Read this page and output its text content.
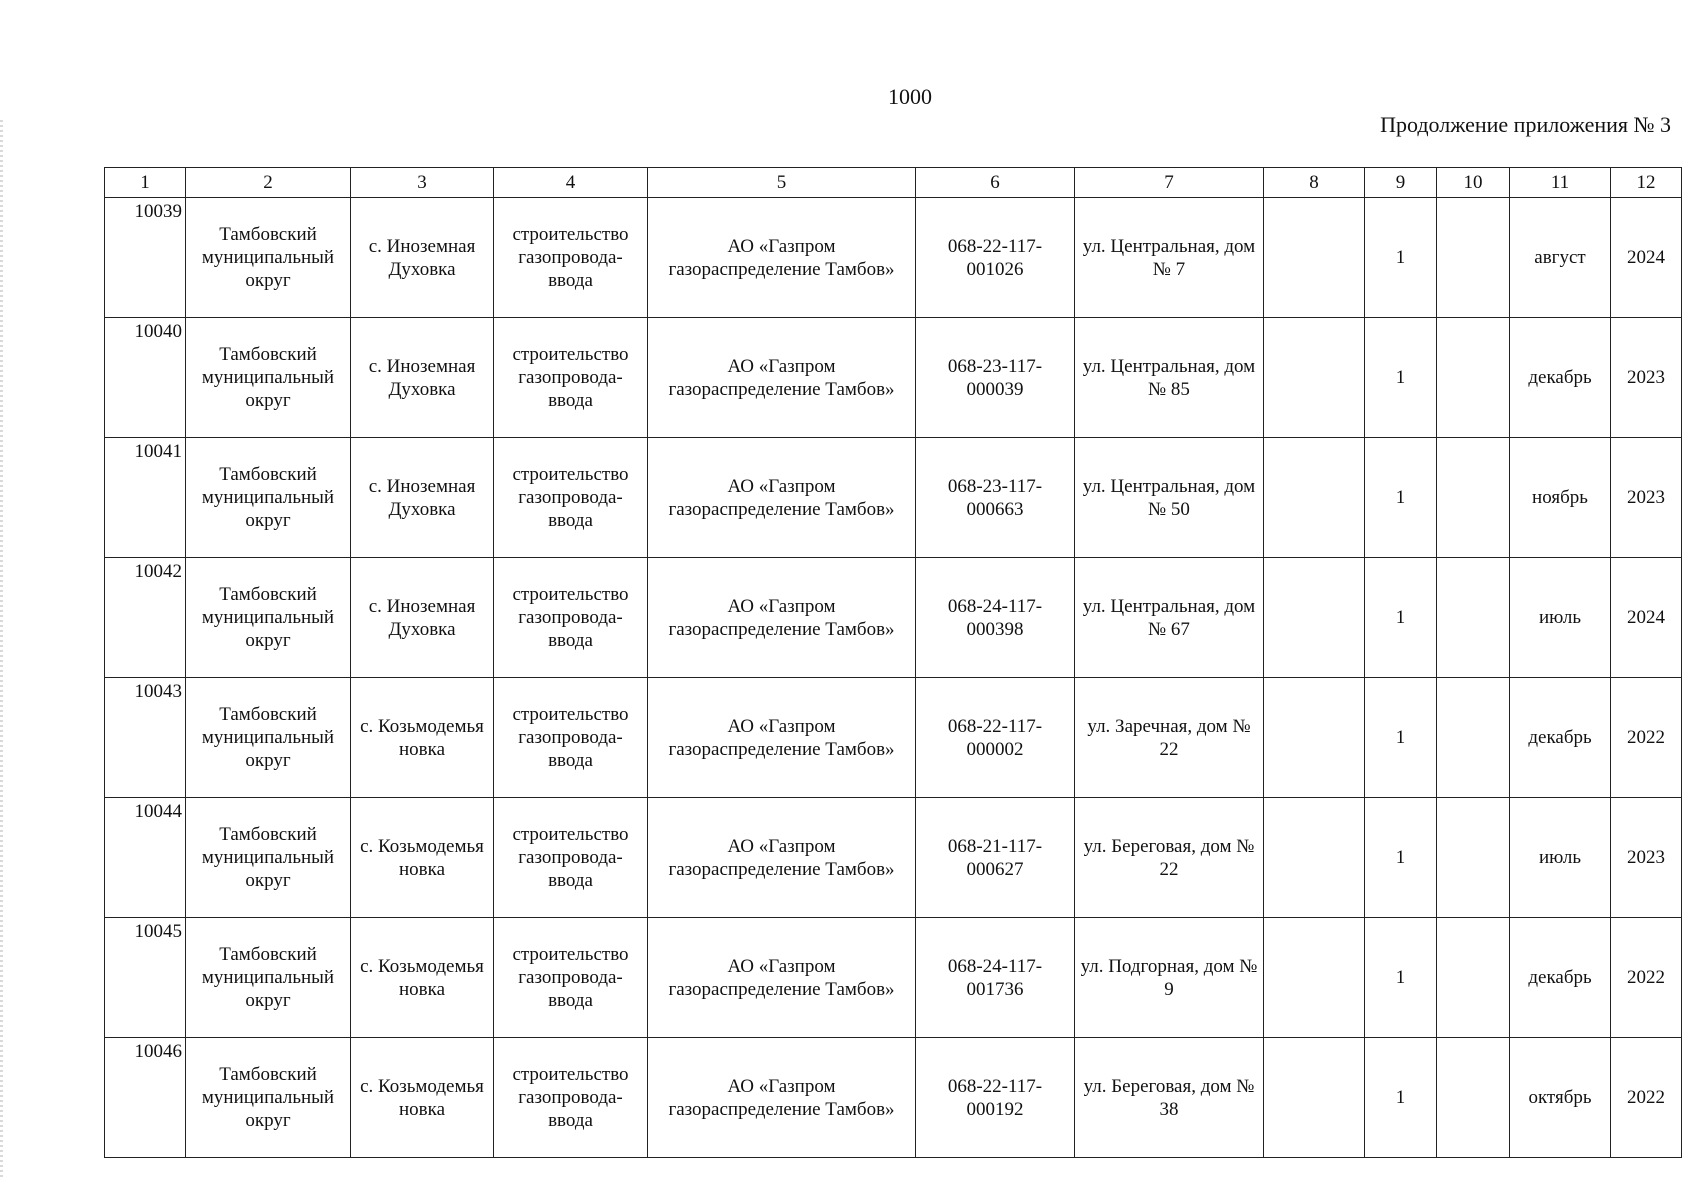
1000
Продолжение приложения № 3
1	2	3	4	5	6	7	8	9	10	11	12
10039	Тамбовский муниципальный округ	с. Иноземная Духовка	строительство газопровода-ввода	АО «Газпром газораспределение Тамбов»	068-22-117-001026	ул. Центральная, дом № 7		1		август	2024
10040	Тамбовский муниципальный округ	с. Иноземная Духовка	строительство газопровода-ввода	АО «Газпром газораспределение Тамбов»	068-23-117-000039	ул. Центральная, дом № 85		1		декабрь	2023
10041	Тамбовский муниципальный округ	с. Иноземная Духовка	строительство газопровода-ввода	АО «Газпром газораспределение Тамбов»	068-23-117-000663	ул. Центральная, дом № 50		1		ноябрь	2023
10042	Тамбовский муниципальный округ	с. Иноземная Духовка	строительство газопровода-ввода	АО «Газпром газораспределение Тамбов»	068-24-117-000398	ул. Центральная, дом № 67		1		июль	2024
10043	Тамбовский муниципальный округ	с. Козьмодемья новка	строительство газопровода-ввода	АО «Газпром газораспределение Тамбов»	068-22-117-000002	ул. Заречная, дом № 22		1		декабрь	2022
10044	Тамбовский муниципальный округ	с. Козьмодемья новка	строительство газопровода-ввода	АО «Газпром газораспределение Тамбов»	068-21-117-000627	ул. Береговая, дом № 22		1		июль	2023
10045	Тамбовский муниципальный округ	с. Козьмодемья новка	строительство газопровода-ввода	АО «Газпром газораспределение Тамбов»	068-24-117-001736	ул. Подгорная, дом № 9		1		декабрь	2022
10046	Тамбовский муниципальный округ	с. Козьмодемья новка	строительство газопровода-ввода	АО «Газпром газораспределение Тамбов»	068-22-117-000192	ул. Береговая, дом № 38		1		октябрь	2022
